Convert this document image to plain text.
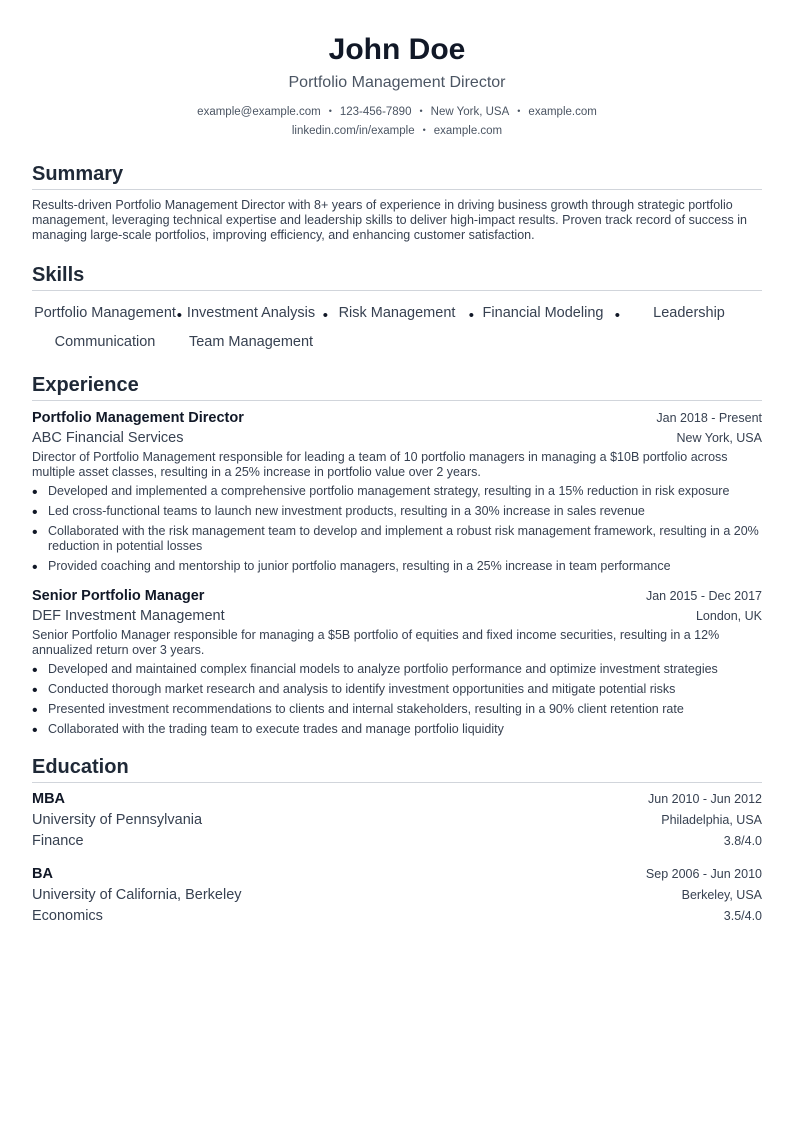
John Doe
Portfolio Management Director
example@example.com • 123-456-7890 • New York, USA • example.com
linkedin.com/in/example • example.com
Summary
Results-driven Portfolio Management Director with 8+ years of experience in driving business growth through strategic portfolio management, leveraging technical expertise and leadership skills to deliver high-impact results. Proven track record of success in managing large-scale portfolios, improving efficiency, and enhancing customer satisfaction.
Skills
Portfolio Management • Investment Analysis •	Risk Management •	Financial Modeling •	Leadership
Communication	Team Management
Experience
Portfolio Management Director	Jan 2018 - Present
ABC Financial Services	New York, USA
Director of Portfolio Management responsible for leading a team of 10 portfolio managers in managing a $10B portfolio across multiple asset classes, resulting in a 25% increase in portfolio value over 2 years.
• Developed and implemented a comprehensive portfolio management strategy, resulting in a 15% reduction in risk exposure
• Led cross-functional teams to launch new investment products, resulting in a 30% increase in sales revenue
• Collaborated with the risk management team to develop and implement a robust risk management framework, resulting in a 20% reduction in potential losses
• Provided coaching and mentorship to junior portfolio managers, resulting in a 25% increase in team performance
Senior Portfolio Manager	Jan 2015 - Dec 2017
DEF Investment Management	London, UK
Senior Portfolio Manager responsible for managing a $5B portfolio of equities and fixed income securities, resulting in a 12% annualized return over 3 years.
• Developed and maintained complex financial models to analyze portfolio performance and optimize investment strategies
• Conducted thorough market research and analysis to identify investment opportunities and mitigate potential risks
• Presented investment recommendations to clients and internal stakeholders, resulting in a 90% client retention rate
• Collaborated with the trading team to execute trades and manage portfolio liquidity
Education
MBA	Jun 2010 - Jun 2012
University of Pennsylvania	Philadelphia, USA
Finance	3.8/4.0
BA	Sep 2006 - Jun 2010
University of California, Berkeley	Berkeley, USA
Economics	3.5/4.0
